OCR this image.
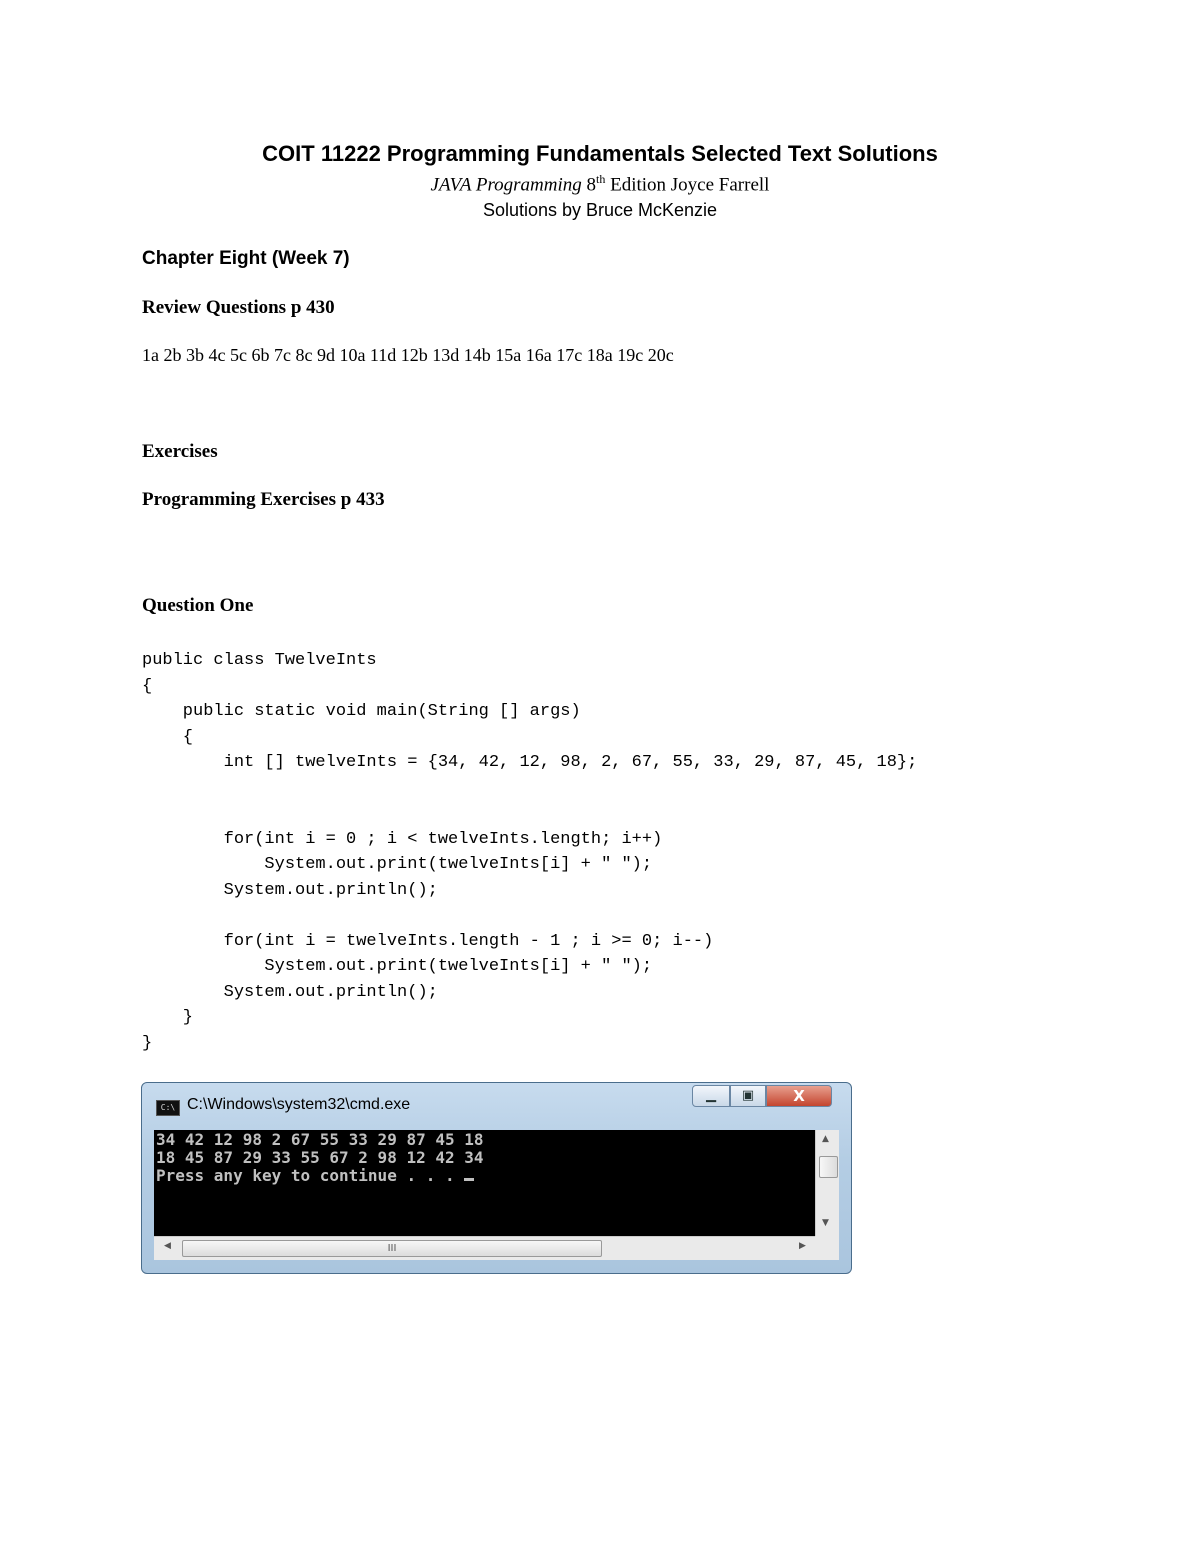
COIT 11222 Programming Fundamentals Selected Text Solutions
JAVA Programming 8th Edition Joyce Farrell
Solutions by Bruce McKenzie
Chapter Eight (Week 7)
Review Questions p 430
1a 2b 3b 4c 5c 6b 7c 8c 9d 10a 11d 12b 13d 14b 15a 16a 17c 18a 19c 20c
Exercises
Programming Exercises p 433
Question One
public class TwelveInts
{
public static void main(String [] args)
{
int [] twelveInts = {34, 42, 12, 98, 2, 67, 55, 33, 29, 87, 45, 18};
for(int i = 0 ; i < twelveInts.length; i++)
System.out.print(twelveInts[i] + " ");
System.out.println();
for(int i = twelveInts.length - 1 ; i >= 0; i--)
System.out.print(twelveInts[i] + " ");
System.out.println();
}
}
C:\ C:\Windows\system32\cmd.exe
▁	▣	X
34 42 12 98 2 67 55 33 29 87 45 18
18 45 87 29 33 55 67 2 98 12 42 34
Press any key to continue . . .
▲
▼
◀	III	▶
